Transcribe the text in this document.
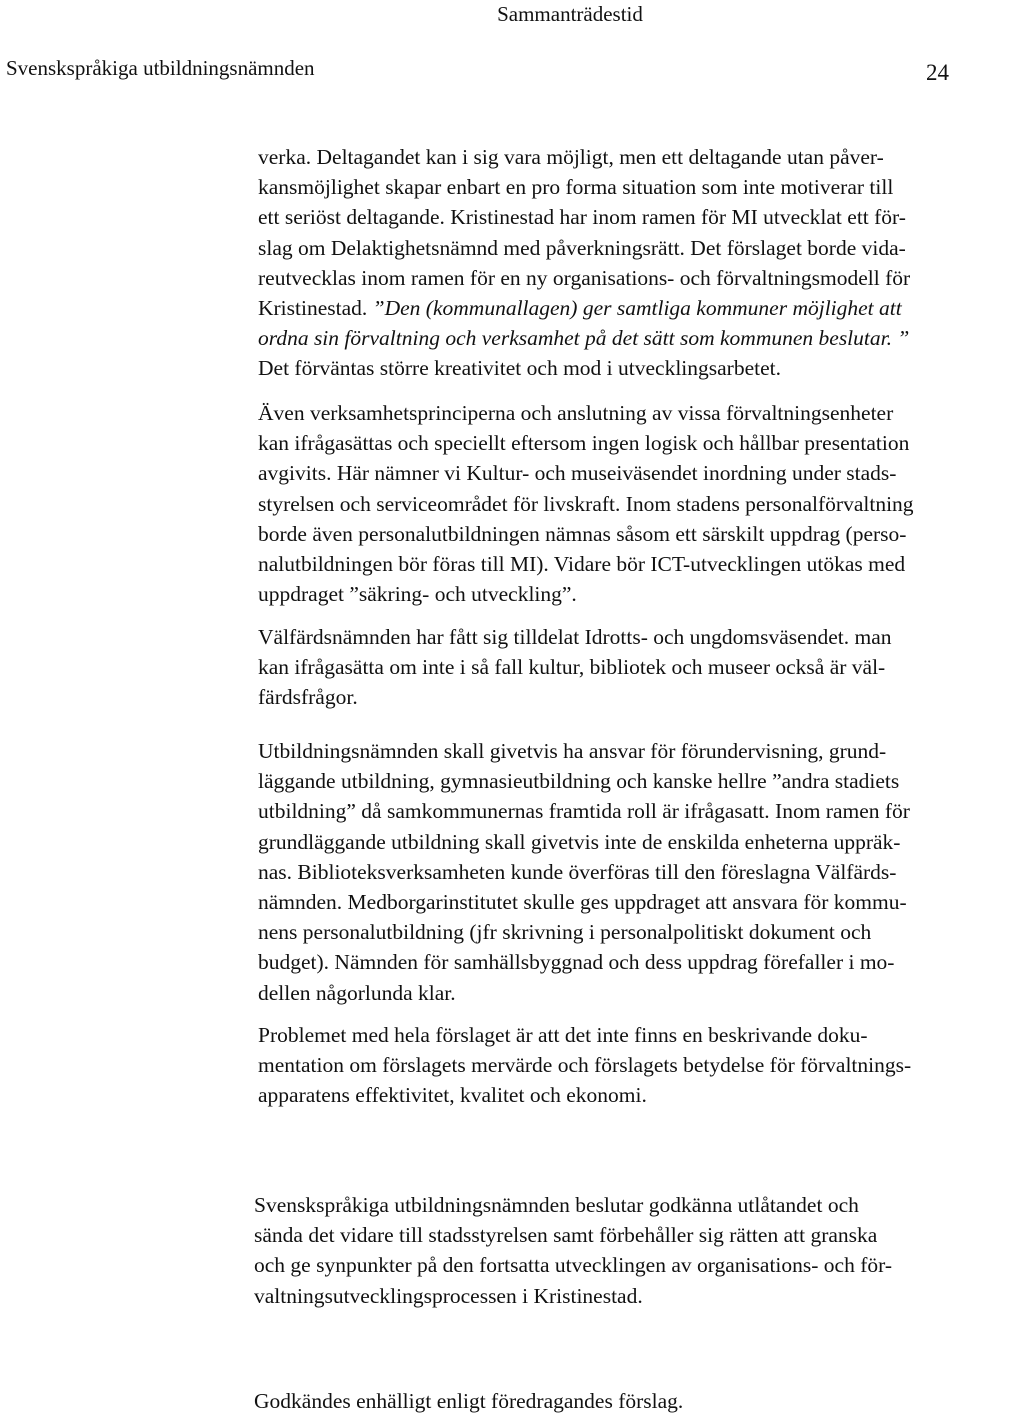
Sammanträdestid
Svenskspråkiga utbildningsnämnden	24
verka. Deltagandet kan i sig vara möjligt, men ett deltagande utan påver-
kansmöjlighet skapar enbart en pro forma situation som inte motiverar till
ett seriöst deltagande. Kristinestad har inom ramen för MI utvecklat ett för-
slag om Delaktighetsnämnd med påverkningsrätt. Det förslaget borde vida-
reutvecklas inom ramen för en ny organisations- och förvaltningsmodell för
Kristinestad. ”Den (kommunallagen) ger samtliga kommuner möjlighet att
ordna sin förvaltning och verksamhet på det sätt som kommunen beslutar. ”
Det förväntas större kreativitet och mod i utvecklingsarbetet.
Även verksamhetsprinciperna och anslutning av vissa förvaltningsenheter
kan ifrågasättas och speciellt eftersom ingen logisk och hållbar presentation
avgivits. Här nämner vi Kultur- och museiväsendet inordning under stads-
styrelsen och serviceområdet för livskraft. Inom stadens personalförvaltning
borde även personalutbildningen nämnas såsom ett särskilt uppdrag (perso-
nalutbildningen bör föras till MI). Vidare bör ICT-utvecklingen utökas med
uppdraget ”säkring- och utveckling”.
Välfärdsnämnden har fått sig tilldelat Idrotts- och ungdomsväsendet. man
kan ifrågasätta om inte i så fall kultur, bibliotek och museer också är väl-
färdsfrågor.
Utbildningsnämnden skall givetvis ha ansvar för förundervisning, grund-
läggande utbildning, gymnasieutbildning och kanske hellre ”andra stadiets
utbildning” då samkommunernas framtida roll är ifrågasatt. Inom ramen för
grundläggande utbildning skall givetvis inte de enskilda enheterna uppräk-
nas. Biblioteksverksamheten kunde överföras till den föreslagna Välfärds-
nämnden. Medborgarinstitutet skulle ges uppdraget att ansvara för kommu-
nens personalutbildning (jfr skrivning i personalpolitiskt dokument och
budget). Nämnden för samhällsbyggnad och dess uppdrag förefaller i mo-
dellen någorlunda klar.
Problemet med hela förslaget är att det inte finns en beskrivande doku-
mentation om förslagets mervärde och förslagets betydelse för förvaltnings-
apparatens effektivitet, kvalitet och ekonomi.
Svenskspråkiga utbildningsnämnden beslutar godkänna utlåtandet och
sända det vidare till stadsstyrelsen samt förbehåller sig rätten att granska
och ge synpunkter på den fortsatta utvecklingen av organisations- och för-
valtningsutvecklingsprocessen i Kristinestad.
Godkändes enhälligt enligt föredragandes förslag.
